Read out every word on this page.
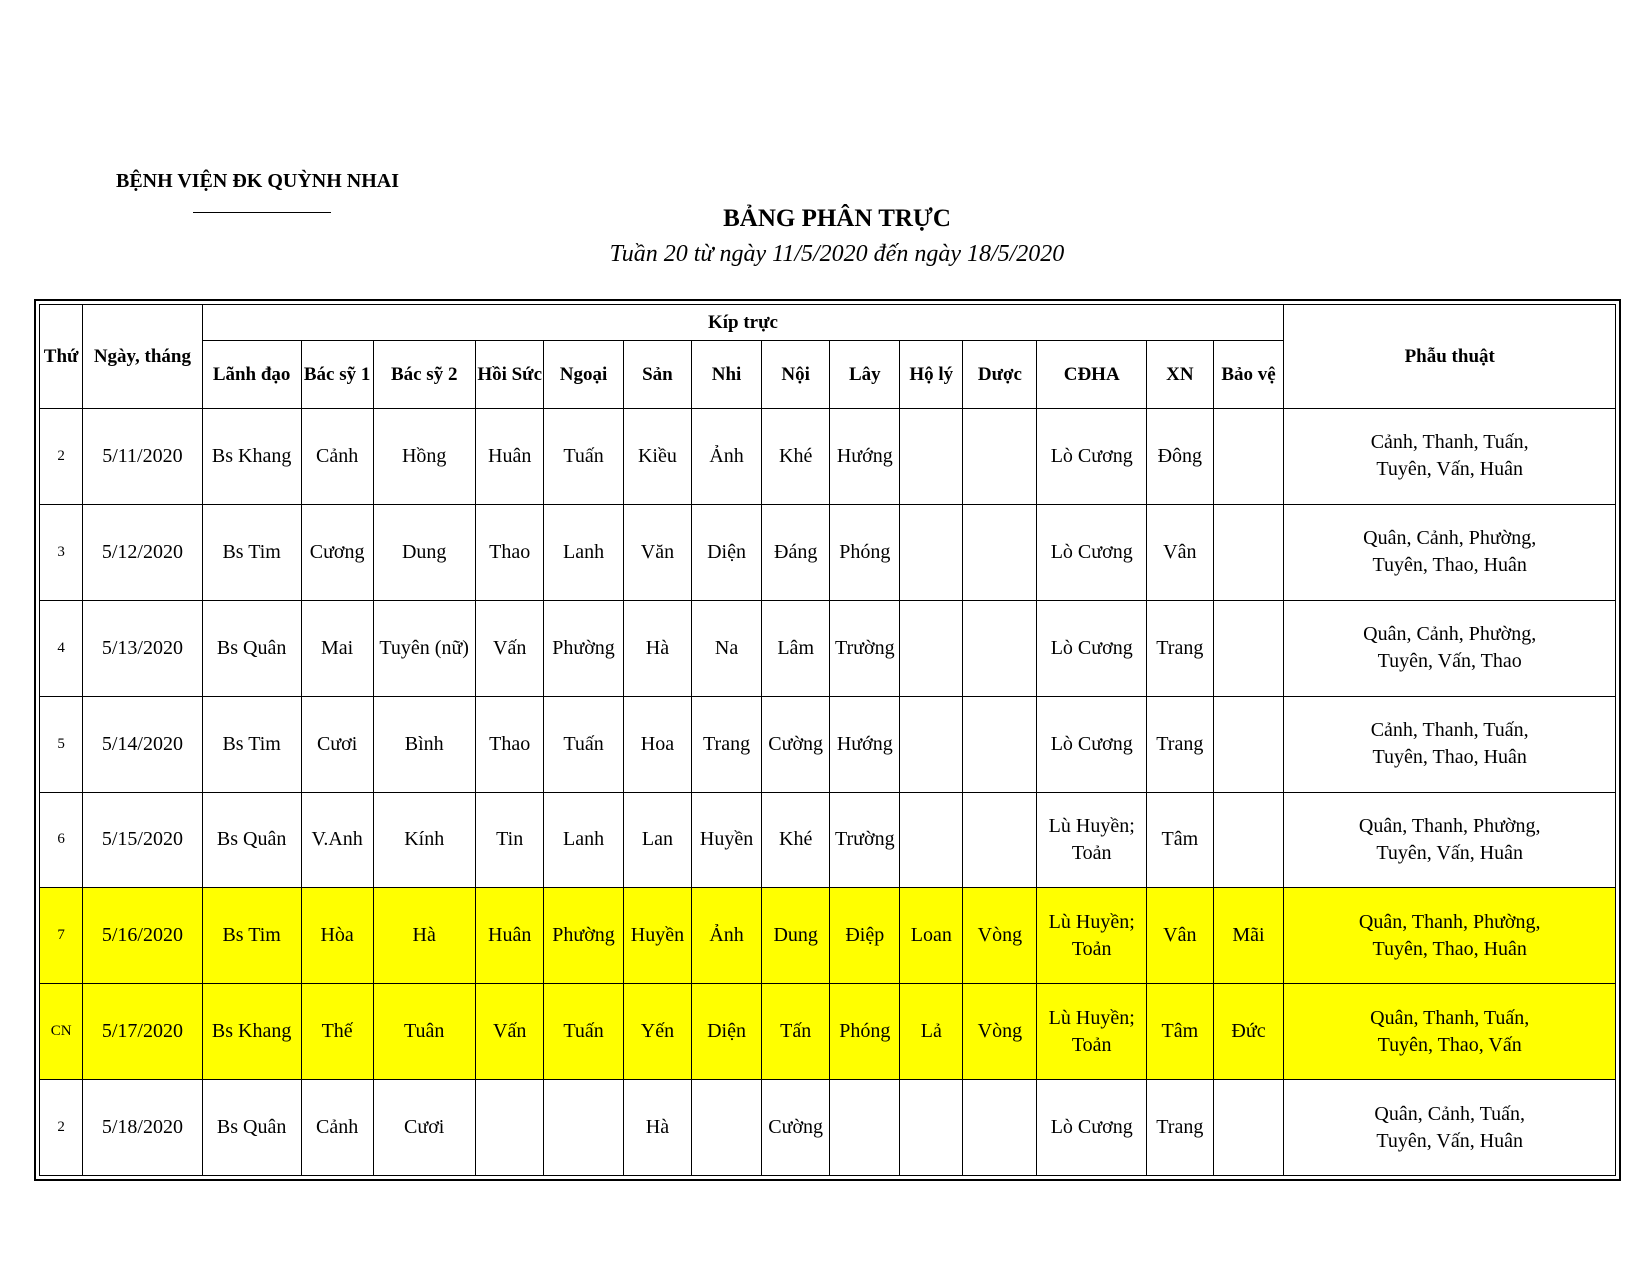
BỆNH VIỆN ĐK QUỲNH NHAI
BẢNG PHÂN TRỰC
Tuần 20 từ ngày 11/5/2020 đến ngày 18/5/2020
Thứ	Ngày, tháng	Kíp trực														Phẫu thuật
		Lãnh đạo	Bác sỹ 1	Bác sỹ 2	Hồi Sức	Ngoại	Sản	Nhi	Nội	Lây	Hộ lý	Dược	CĐHA	XN	Bảo vệ	
2	5/11/2020	Bs Khang	Cảnh	Hồng	Huân	Tuấn	Kiều	Ảnh	Khé	Hướng			Lò Cương	Đông		Cảnh, Thanh, Tuấn,
Tuyên, Vấn, Huân

3	5/12/2020	Bs Tim	Cương	Dung	Thao	Lanh	Văn	Diện	Đáng	Phóng			Lò Cương	Vân		Quân, Cảnh, Phường,
Tuyên, Thao, Huân

4	5/13/2020	Bs Quân	Mai	Tuyên (nữ)	Vấn	Phường	Hà	Na	Lâm	Trường			Lò Cương	Trang		Quân, Cảnh, Phường,
Tuyên, Vấn, Thao

5	5/14/2020	Bs Tim	Cươi	Bình	Thao	Tuấn	Hoa	Trang	Cường	Hướng			Lò Cương	Trang		Cảnh, Thanh, Tuấn,
Tuyên, Thao, Huân

6	5/15/2020	Bs Quân	V.Anh	Kính	Tin	Lanh	Lan	Huyền	Khé	Trường			Lù Huyền; Toản	Tâm		Quân, Thanh, Phường,
Tuyên, Vấn, Huân

7	5/16/2020	Bs Tim	Hòa	Hà	Huân	Phường	Huyền	Ảnh	Dung	Điệp	Loan	Vòng	Lù Huyền; Toản	Vân	Mãi	Quân, Thanh, Phường,
Tuyên, Thao, Huân

CN	5/17/2020	Bs Khang	Thế	Tuân	Vấn	Tuấn	Yến	Diện	Tấn	Phóng	Lả	Vòng	Lù Huyền; Toản	Tâm	Đức	Quân, Thanh, Tuấn,
Tuyên, Thao, Vấn

2	5/18/2020	Bs Quân	Cảnh	Cươi			Hà		Cường				Lò Cương	Trang		Quân, Cảnh, Tuấn,
Tuyên, Vấn, Huân
